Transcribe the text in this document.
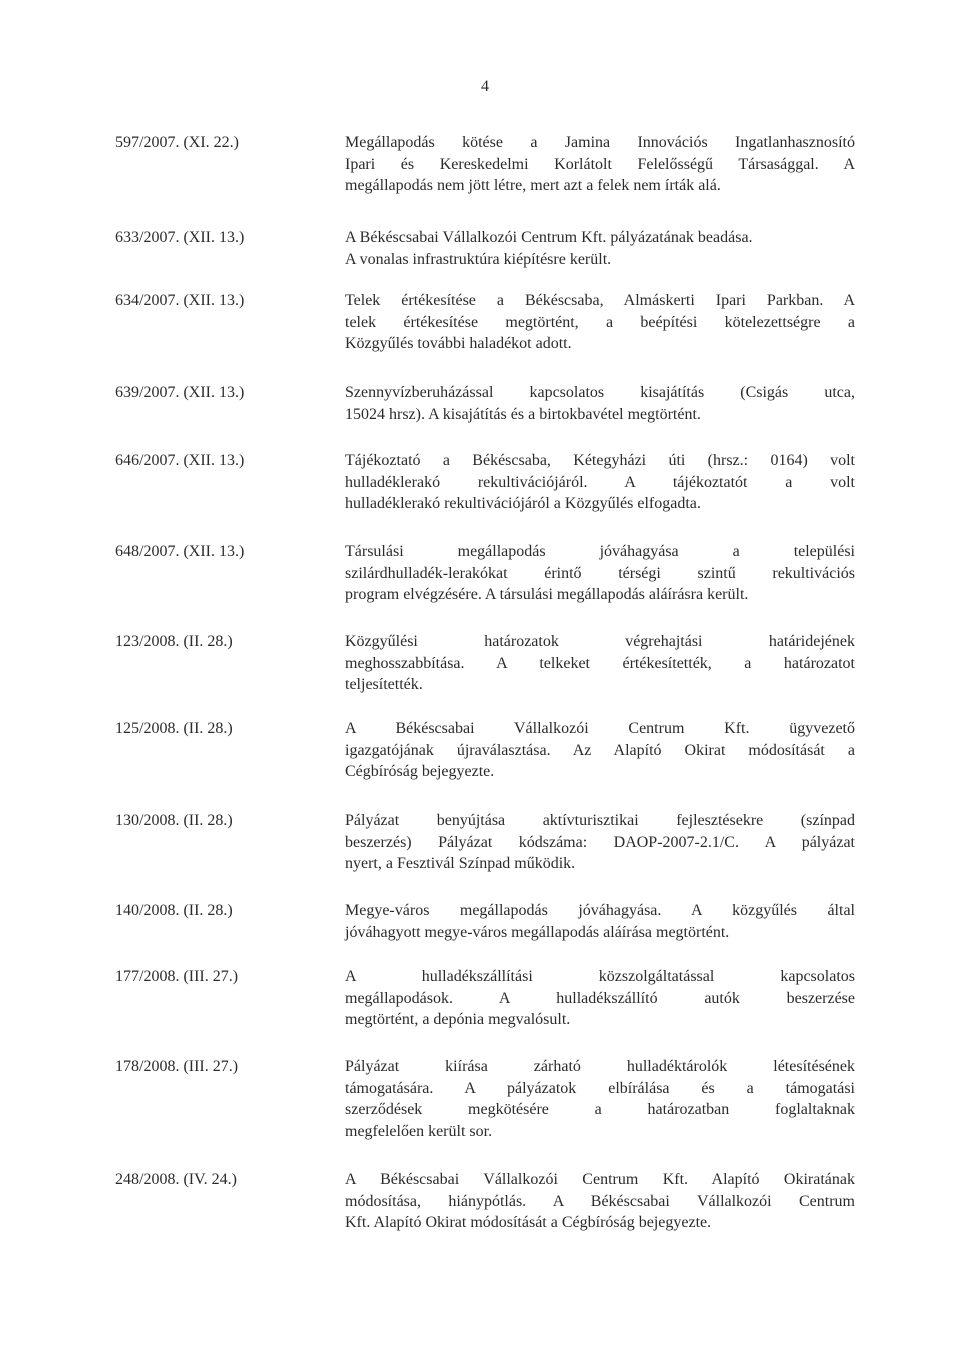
4
597/2007. (XI. 22.)	Megállapodás kötése a Jamina Innovációs Ingatlanhasznosító
Ipari és Kereskedelmi Korlátolt Felelősségű Társasággal. A
megállapodás nem jött létre, mert azt a felek nem írták alá.
633/2007. (XII. 13.)	A Békéscsabai Vállalkozói Centrum Kft. pályázatának beadása.
A vonalas infrastruktúra kiépítésre került.
634/2007. (XII. 13.)	Telek értékesítése a Békéscsaba, Almáskerti Ipari Parkban. A
telek értékesítése megtörtént, a beépítési kötelezettségre a
Közgyűlés további haladékot adott.
639/2007. (XII. 13.)	Szennyvízberuházással kapcsolatos kisajátítás (Csigás utca,
15024 hrsz). A kisajátítás és a birtokbavétel megtörtént.
646/2007. (XII. 13.)	Tájékoztató a Békéscsaba, Kétegyházi úti (hrsz.: 0164) volt
hulladéklerakó rekultivációjáról. A tájékoztatót a volt
hulladéklerakó rekultivációjáról a Közgyűlés elfogadta.
648/2007. (XII. 13.)	Társulási megállapodás jóváhagyása a települési
szilárdhulladék-lerakókat érintő térségi szintű rekultivációs
program elvégzésére. A társulási megállapodás aláírásra került.
123/2008. (II. 28.)	Közgyűlési határozatok végrehajtási határidejének
meghosszabbítása. A telkeket értékesítették, a határozatot
teljesítették.
125/2008. (II. 28.)	A Békéscsabai Vállalkozói Centrum Kft. ügyvezető
igazgatójának újraválasztása. Az Alapító Okirat módosítását a
Cégbíróság bejegyezte.
130/2008. (II. 28.)	Pályázat benyújtása aktívturisztikai fejlesztésekre (színpad
beszerzés) Pályázat kódszáma: DAOP-2007-2.1/C. A pályázat
nyert, a Fesztivál Színpad működik.
140/2008. (II. 28.)	Megye-város megállapodás jóváhagyása. A közgyűlés által
jóváhagyott megye-város megállapodás aláírása megtörtént.
177/2008. (III. 27.)	A hulladékszállítási közszolgáltatással kapcsolatos
megállapodások. A hulladékszállító autók beszerzése
megtörtént, a depónia megvalósult.
178/2008. (III. 27.)	Pályázat kiírása zárható hulladéktárolók létesítésének
támogatására. A pályázatok elbírálása és a támogatási
szerződések megkötésére a határozatban foglaltaknak
megfelelően került sor.
248/2008. (IV. 24.)	A Békéscsabai Vállalkozói Centrum Kft. Alapító Okiratának
módosítása, hiánypótlás. A Békéscsabai Vállalkozói Centrum
Kft. Alapító Okirat módosítását a Cégbíróság bejegyezte.
